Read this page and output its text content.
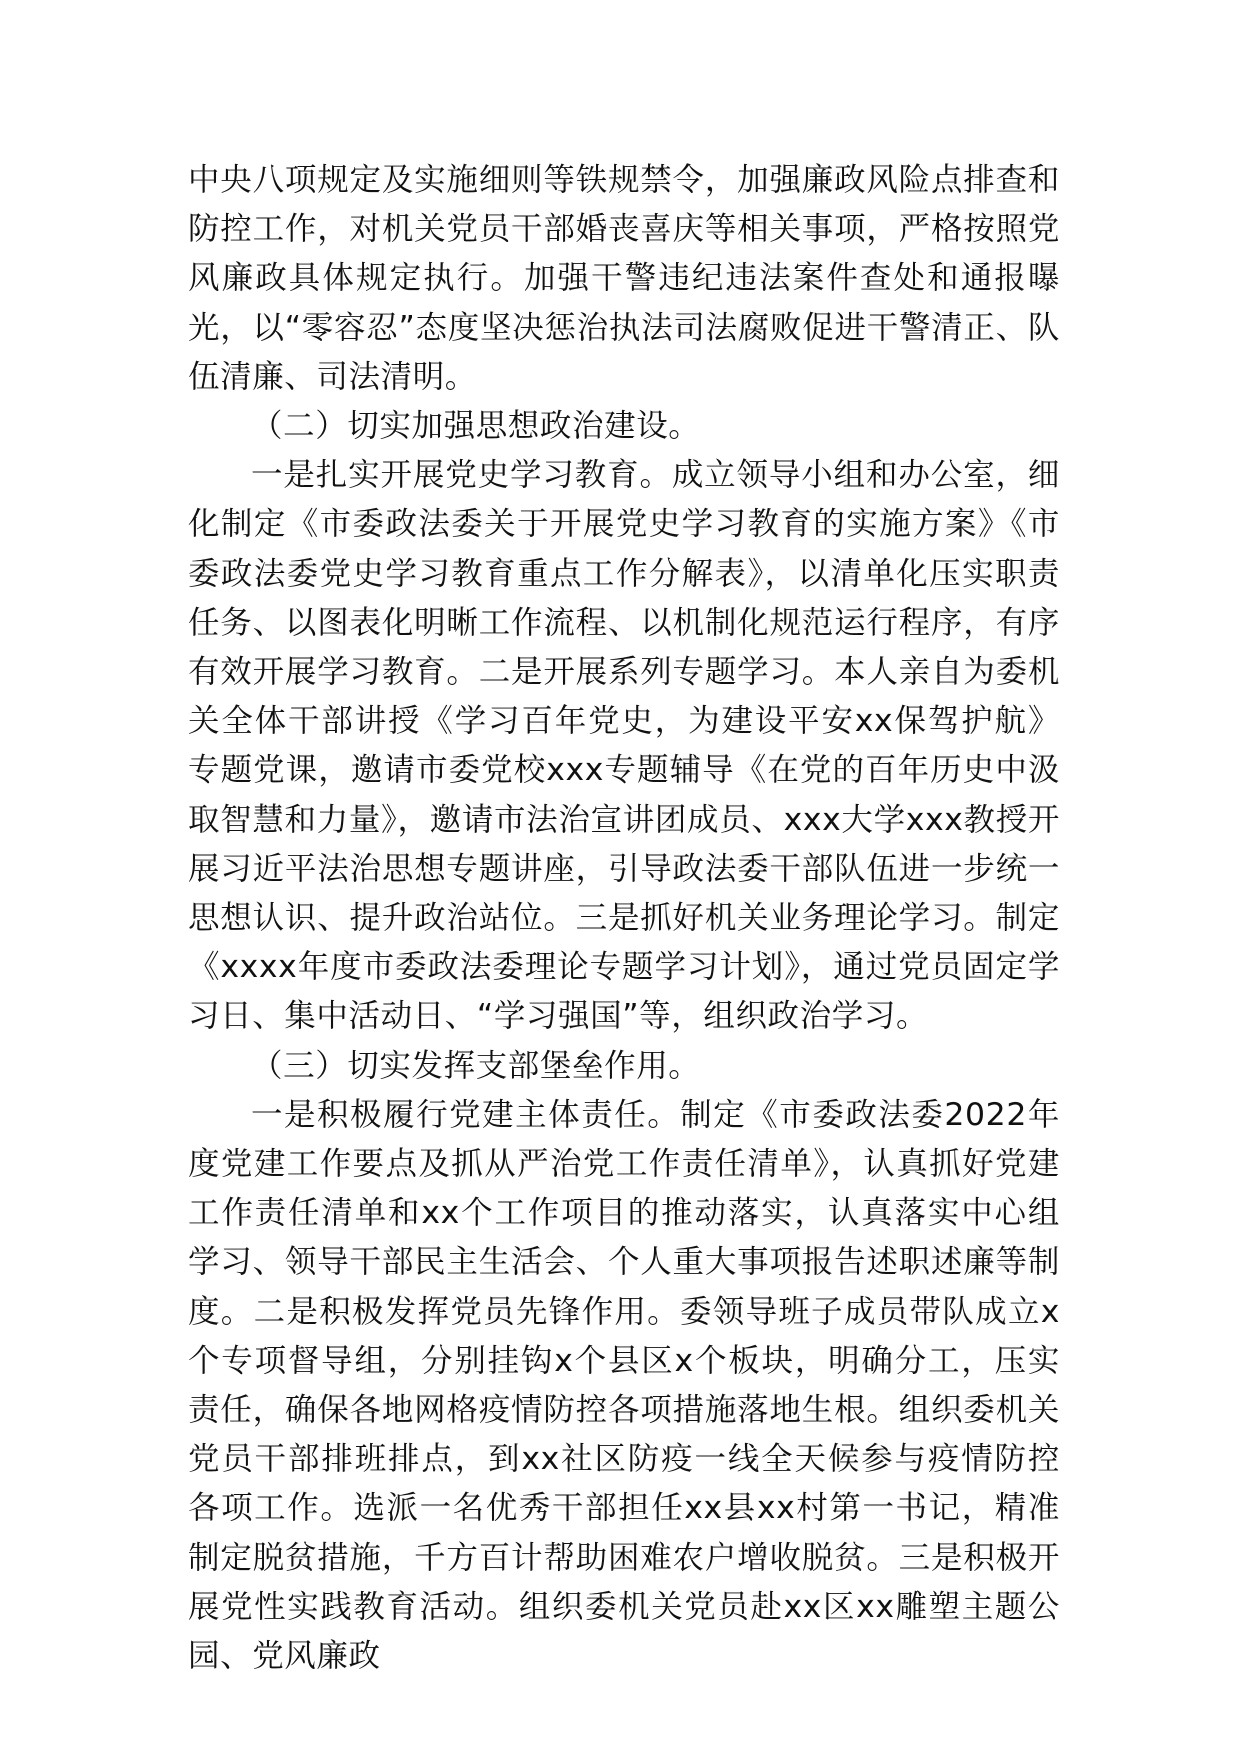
中央八项规定及实施细则等铁规禁令，加强廉政风险点排查和防控工作，对机关党员干部婚丧喜庆等相关事项，严格按照党风廉政具体规定执行。加强干警违纪违法案件查处和通报曝光，以“零容忍”态度坚决惩治执法司法腐败促进干警清正、队伍清廉、司法清明。

（二）切实加强思想政治建设。

一是扎实开展党史学习教育。成立领导小组和办公室，细化制定《市委政法委关于开展党史学习教育的实施方案》《市委政法委党史学习教育重点工作分解表》，以清单化压实职责任务、以图表化明晰工作流程、以机制化规范运行程序，有序有效开展学习教育。二是开展系列专题学习。本人亲自为委机关全体干部讲授《学习百年党史，为建设平安xx保驾护航》专题党课，邀请市委党校xxx专题辅导《在党的百年历史中汲取智慧和力量》，邀请市法治宣讲团成员、xxx大学xxx教授开展习近平法治思想专题讲座，引导政法委干部队伍进一步统一思想认识、提升政治站位。三是抓好机关业务理论学习。制定《xxxx年度市委政法委理论专题学习计划》，通过党员固定学习日、集中活动日、“学习强国”等，组织政治学习。

（三）切实发挥支部堡垒作用。

一是积极履行党建主体责任。制定《市委政法委2022年度党建工作要点及抓从严治党工作责任清单》，认真抓好党建工作责任清单和xx个工作项目的推动落实，认真落实中心组学习、领导干部民主生活会、个人重大事项报告述职述廉等制度。二是积极发挥党员先锋作用。委领导班子成员带队成立x个专项督导组，分别挂钩x个县区x个板块，明确分工，压实责任，确保各地网格疫情防控各项措施落地生根。组织委机关党员干部排班排点，到xx社区防疫一线全天候参与疫情防控各项工作。选派一名优秀干部担任xx县xx村第一书记，精准制定脱贫措施，千方百计帮助困难农户增收脱贫。三是积极开展党性实践教育活动。组织委机关党员赴xx区xx雕塑主题公园、党风廉政
